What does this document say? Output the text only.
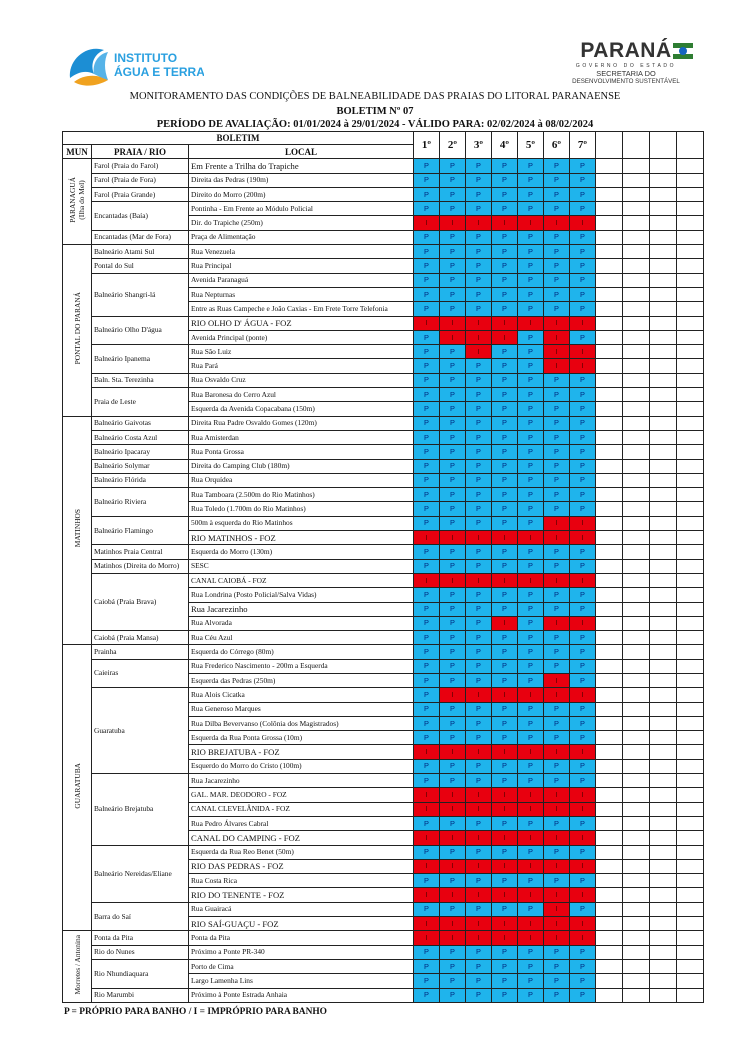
INSTITUTO
ÁGUA E TERRA
PARANÁ
GOVERNO DO ESTADO
SECRETARIA DO
DESENVOLVIMENTO SUSTENTÁVEL
MONITORAMENTO DAS CONDIÇÕES DE BALNEABILIDADE DAS PRAIAS DO LITORAL PARANAENSE
BOLETIM Nº 07
PERÍODO DE AVALIAÇÃO: 01/01/2024 à 29/01/2024 - VÁLIDO PARA: 02/02/2024 à 08/02/2024
BOLETIM			1º	2º	3º	4º	5º	6º	7º				
MUN	PRAIA / RIO	LOCAL											
PARANAGUÁ
(Ilha do Mel)	Farol (Praia do Farol)	Em Frente a Trilha do Trapiche	P	P	P	P	P	P	P				
	Farol (Praia de Fora)	Direita das Pedras (190m)	P	P	P	P	P	P	P				
	Farol (Praia Grande)	Direito do Morro (200m)	P	P	P	P	P	P	P				
	Encantadas (Baía)	Pontinha - Em Frente ao Módulo Policial	P	P	P	P	P	P	P				
		Dir. do Trapiche (250m)	I	I	I	I	I	I	I				
	Encantadas (Mar de Fora)	Praça de Alimentação	P	P	P	P	P	P	P				
PONTAL DO PARANÁ	Balneário Atami Sul	Rua Venezuela	P	P	P	P	P	P	P				
	Pontal do Sul	Rua Principal	P	P	P	P	P	P	P				
	Balneário Shangri-lá	Avenida Paranaguá	P	P	P	P	P	P	P				
		Rua Nepturnas	P	P	P	P	P	P	P				
		Entre as Ruas Campeche e João Caxias - Em Frete Torre Telefonia	P	P	P	P	P	P	P				
	Balneário Olho D'água	RIO OLHO D' ÁGUA - FOZ	I	I	I	I	I	I	I				
		Avenida Principal (ponte)	P	I	I	I	P	I	P				
	Balneário Ipanema	Rua São Luiz	P	P	I	P	P	I	I				
		Rua Pará	P	P	P	P	P	I	I				
	Baln. Sta. Terezinha	Rua Osvaldo Cruz	P	P	P	P	P	P	P				
	Praia de Leste	Rua Baronesa do Cerro Azul	P	P	P	P	P	P	P				
		Esquerda da Avenida Copacabana (150m)	P	P	P	P	P	P	P				
MATINHOS	Balneário Gaivotas	Direita Rua Padre Osvaldo Gomes (120m)	P	P	P	P	P	P	P				
	Balneário Costa Azul	Rua Amisterdan	P	P	P	P	P	P	P				
	Balneário Ipacaray	Rua Ponta Grossa	P	P	P	P	P	P	P				
	Balneário Solymar	Direita do Camping Club (180m)	P	P	P	P	P	P	P				
	Balneário Flórida	Rua Orquídea	P	P	P	P	P	P	P				
	Balneário Riviera	Rua Tamboara (2.500m do Rio Matinhos)	P	P	P	P	P	P	P				
		Rua Toledo (1.700m do Rio Matinhos)	P	P	P	P	P	P	P				
	Balneário Flamingo	500m à esquerda do Rio Matinhos	P	P	P	P	P	I	I				
		RIO MATINHOS - FOZ	I	I	I	I	I	I	I				
	Matinhos Praia Central	Esquerda do Morro (130m)	P	P	P	P	P	P	P				
	Matinhos (Direita do Morro)	SESC	P	P	P	P	P	P	P				
	Caiobá (Praia Brava)	CANAL CAIOBÁ - FOZ	I	I	I	I	I	I	I				
		Rua Londrina (Posto Policial/Salva Vidas)	P	P	P	P	P	P	P				
		Rua Jacarezinho	P	P	P	P	P	P	P				
		Rua Alvorada	P	P	P	I	P	I	I				
	Caiobá (Praia Mansa)	Rua Céu Azul	P	P	P	P	P	P	P				
GUARATUBA	Prainha	Esquerda do Córrego (80m)	P	P	P	P	P	P	P				
	Caieiras	Rua Frederico Nascimento - 200m a Esquerda	P	P	P	P	P	P	P				
		Esquerda das Pedras (250m)	P	P	P	P	P	I	P				
	Guaratuba	Rua Alois Cicatka	P	I	I	I	I	I	I				
		Rua Generoso Marques	P	P	P	P	P	P	P				
		Rua Dilba Bevervanso (Colônia dos Magistrados)	P	P	P	P	P	P	P				
		Esquerda da Rua Ponta Grossa (10m)	P	P	P	P	P	P	P				
		RIO BREJATUBA - FOZ	I	I	I	I	I	I	I				
		Esquerdo do Morro do Cristo (100m)	P	P	P	P	P	P	P				
	Balneário Brejatuba	Rua Jacarezinho	P	P	P	P	P	P	P				
		GAL. MAR. DEODORO - FOZ	I	I	I	I	I	I	I				
		CANAL CLEVELÂNIDA - FOZ	I	I	I	I	I	I	I				
		Rua Pedro Álvares Cabral	P	P	P	P	P	P	P				
		CANAL DO CAMPING - FOZ	I	I	I	I	I	I	I				
	Balneário Nereidas/Eliane	Esquerda da Rua Reo Benet (50m)	P	P	P	P	P	P	P				
		RIO DAS PEDRAS - FOZ	I	I	I	I	I	I	I				
		Rua Costa Rica	P	P	P	P	P	P	P				
		RIO DO TENENTE - FOZ	I	I	I	I	I	I	I				
	Barra do Saí	Rua Guairacá	P	P	P	P	P	I	P				
		RIO SAÍ-GUAÇU - FOZ	I	I	I	I	I	I	I				
Morretes / Antonina	Ponta da Pita	Ponta da Pita	I	I	I	I	I	I	I				
	Rio do Nunes	Próximo a Ponte PR-340	P	P	P	P	P	P	P				
	Rio Nhundiaquara	Porto de Cima	P	P	P	P	P	P	P				
		Largo Lamenha Lins	P	P	P	P	P	P	P				
	Rio Marumbi	Próximo à Ponte Estrada Anhaia	P	P	P	P	P	P	P				
P = PRÓPRIO PARA BANHO / I = IMPRÓPRIO PARA BANHO
